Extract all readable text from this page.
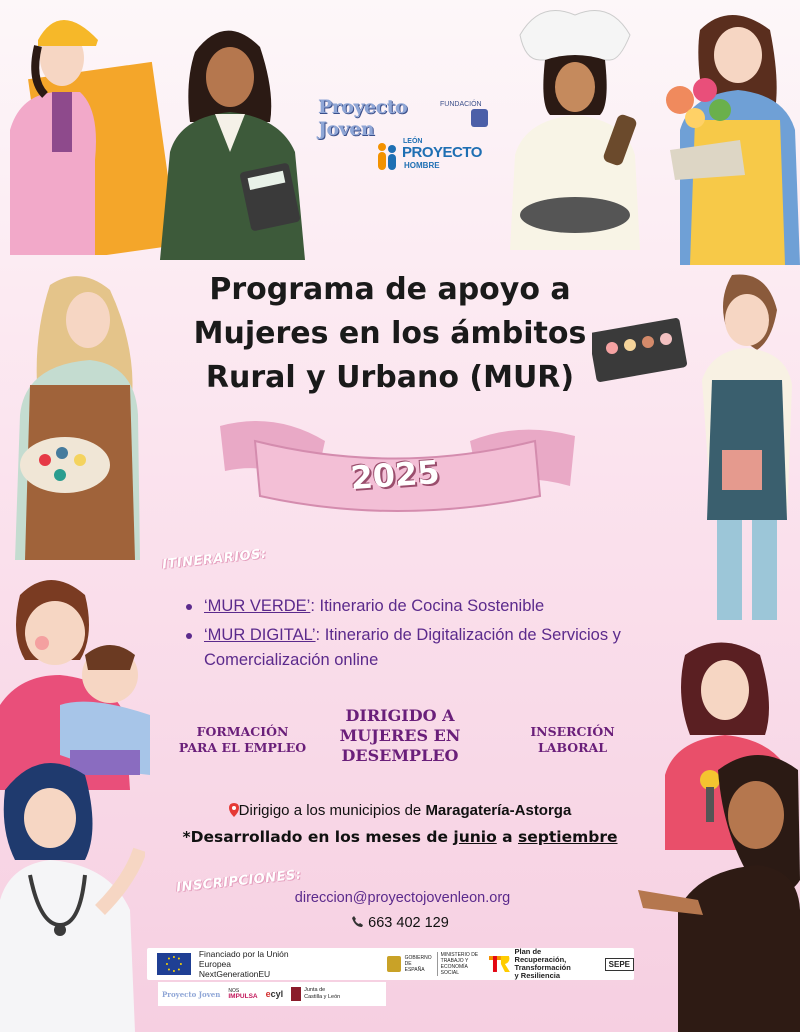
Proyecto Joven
FUNDACIÓN
LEÓN
PROYECTO
HOMBRE
Programa de apoyo a
Mujeres en los ámbitos
Rural y Urbano (MUR)
2025
ITINERARIOS:
‘MUR VERDE’: Itinerario de Cocina Sostenible
‘MUR DIGITAL’: Itinerario de Digitalización de Servicios y Comercialización online
FORMACIÓN
PARA EL EMPLEO
DIRIGIDO A
MUJERES EN
DESEMPLEO
INSERCIÓN
LABORAL
Dirigigo a los municipios de Maragatería-Astorga
*Desarrollado en los meses de junio a septiembre
INSCRIPCIONES:
direccion@proyectojovenleon.org
663 402 129
Financiado por la Unión Europea
NextGenerationEU
GOBIERNO DE ESPAÑA
MINISTERIO DE TRABAJO Y ECONOMÍA SOCIAL
Plan de Recuperación,
Transformación
y Resiliencia
SEPE
Proyecto Joven NOS
IMPULSA ecyl	Junta de
Castilla y León
